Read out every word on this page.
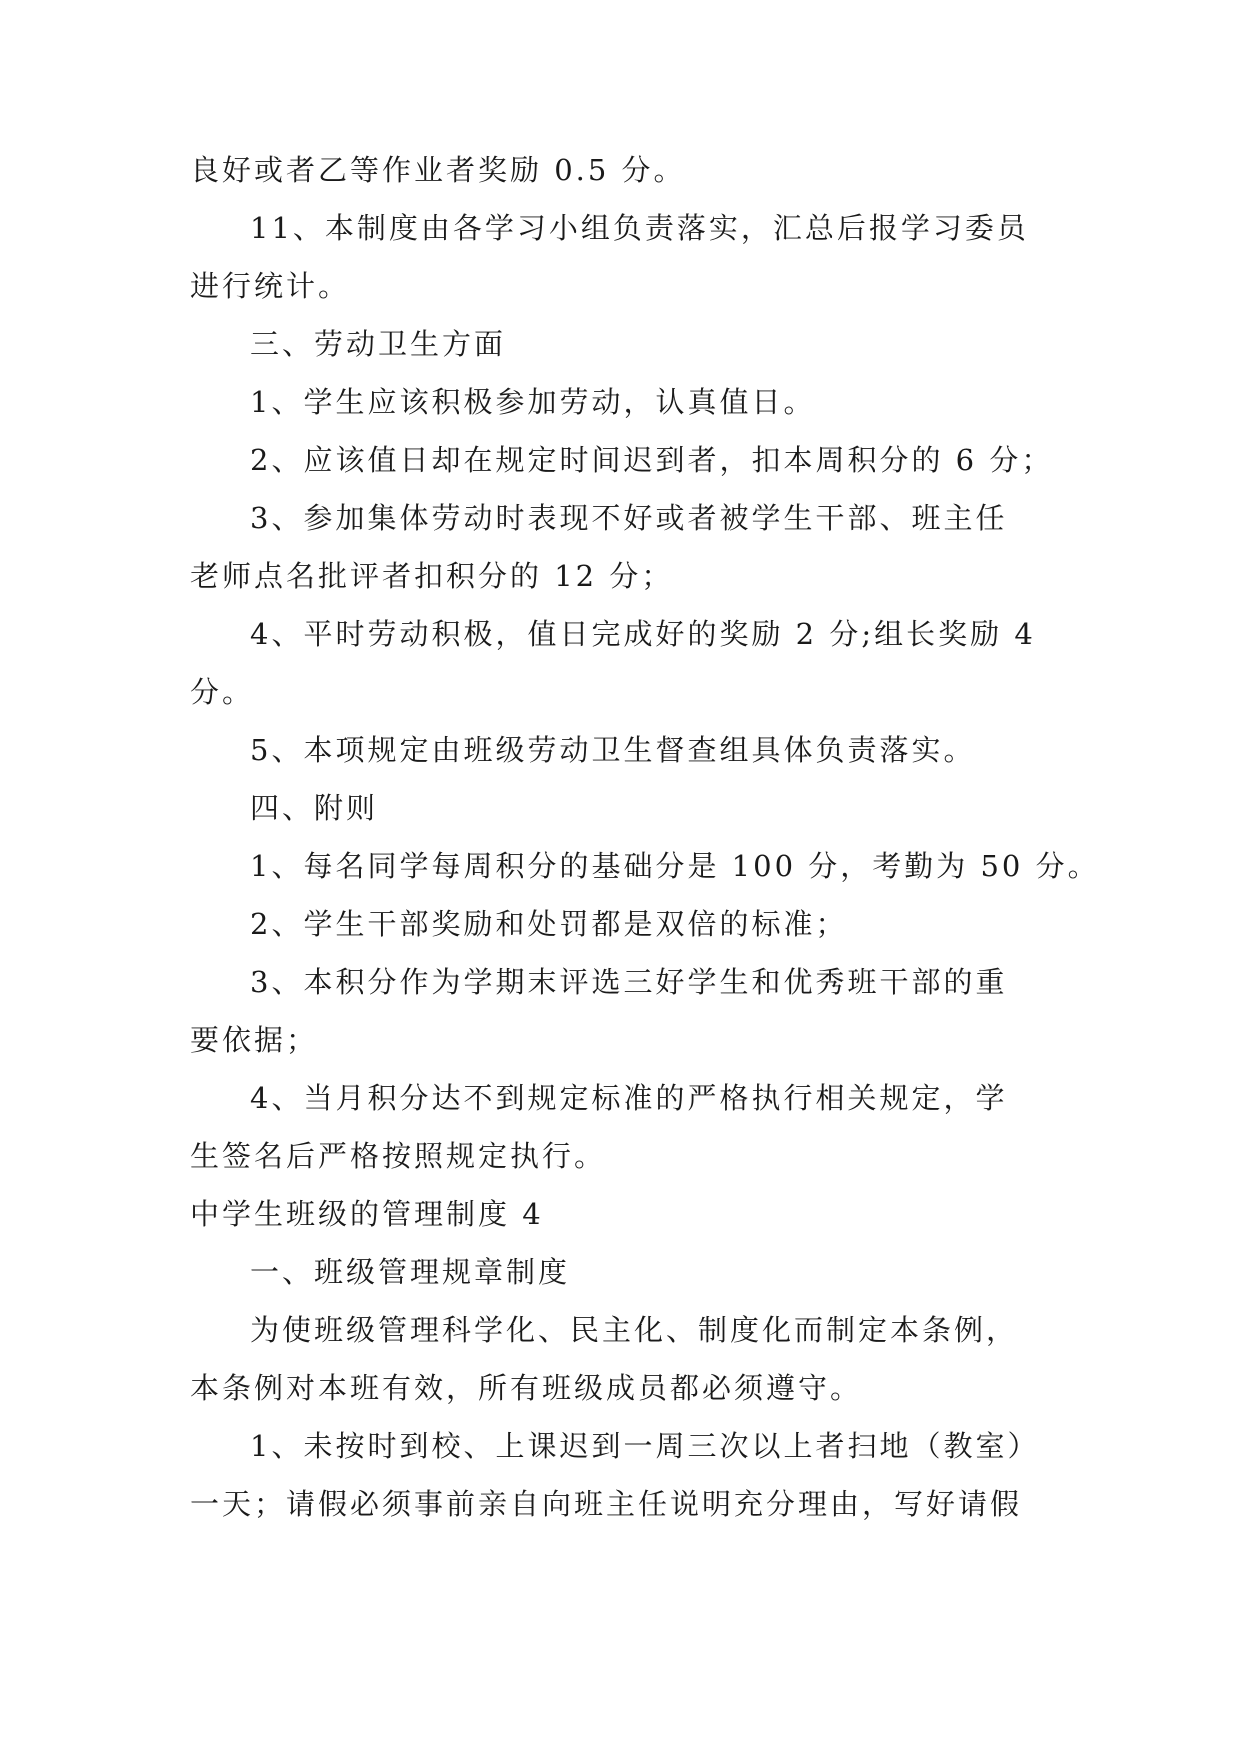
良好或者乙等作业者奖励 0.5 分。
11、本制度由各学习小组负责落实，汇总后报学习委员
进行统计。
三、劳动卫生方面
1、学生应该积极参加劳动，认真值日。
2、应该值日却在规定时间迟到者，扣本周积分的 6 分；
3、参加集体劳动时表现不好或者被学生干部、班主任
老师点名批评者扣积分的 12 分；
4、平时劳动积极，值日完成好的奖励 2 分;组长奖励 4
分。
5、本项规定由班级劳动卫生督查组具体负责落实。
四、附则
1、每名同学每周积分的基础分是 100 分，考勤为 50 分。
2、学生干部奖励和处罚都是双倍的标准；
3、本积分作为学期末评选三好学生和优秀班干部的重
要依据；
4、当月积分达不到规定标准的严格执行相关规定，学
生签名后严格按照规定执行。
中学生班级的管理制度 4
一、班级管理规章制度
为使班级管理科学化、民主化、制度化而制定本条例，
本条例对本班有效，所有班级成员都必须遵守。
1、未按时到校、上课迟到一周三次以上者扫地（教室）
一天；请假必须事前亲自向班主任说明充分理由，写好请假
